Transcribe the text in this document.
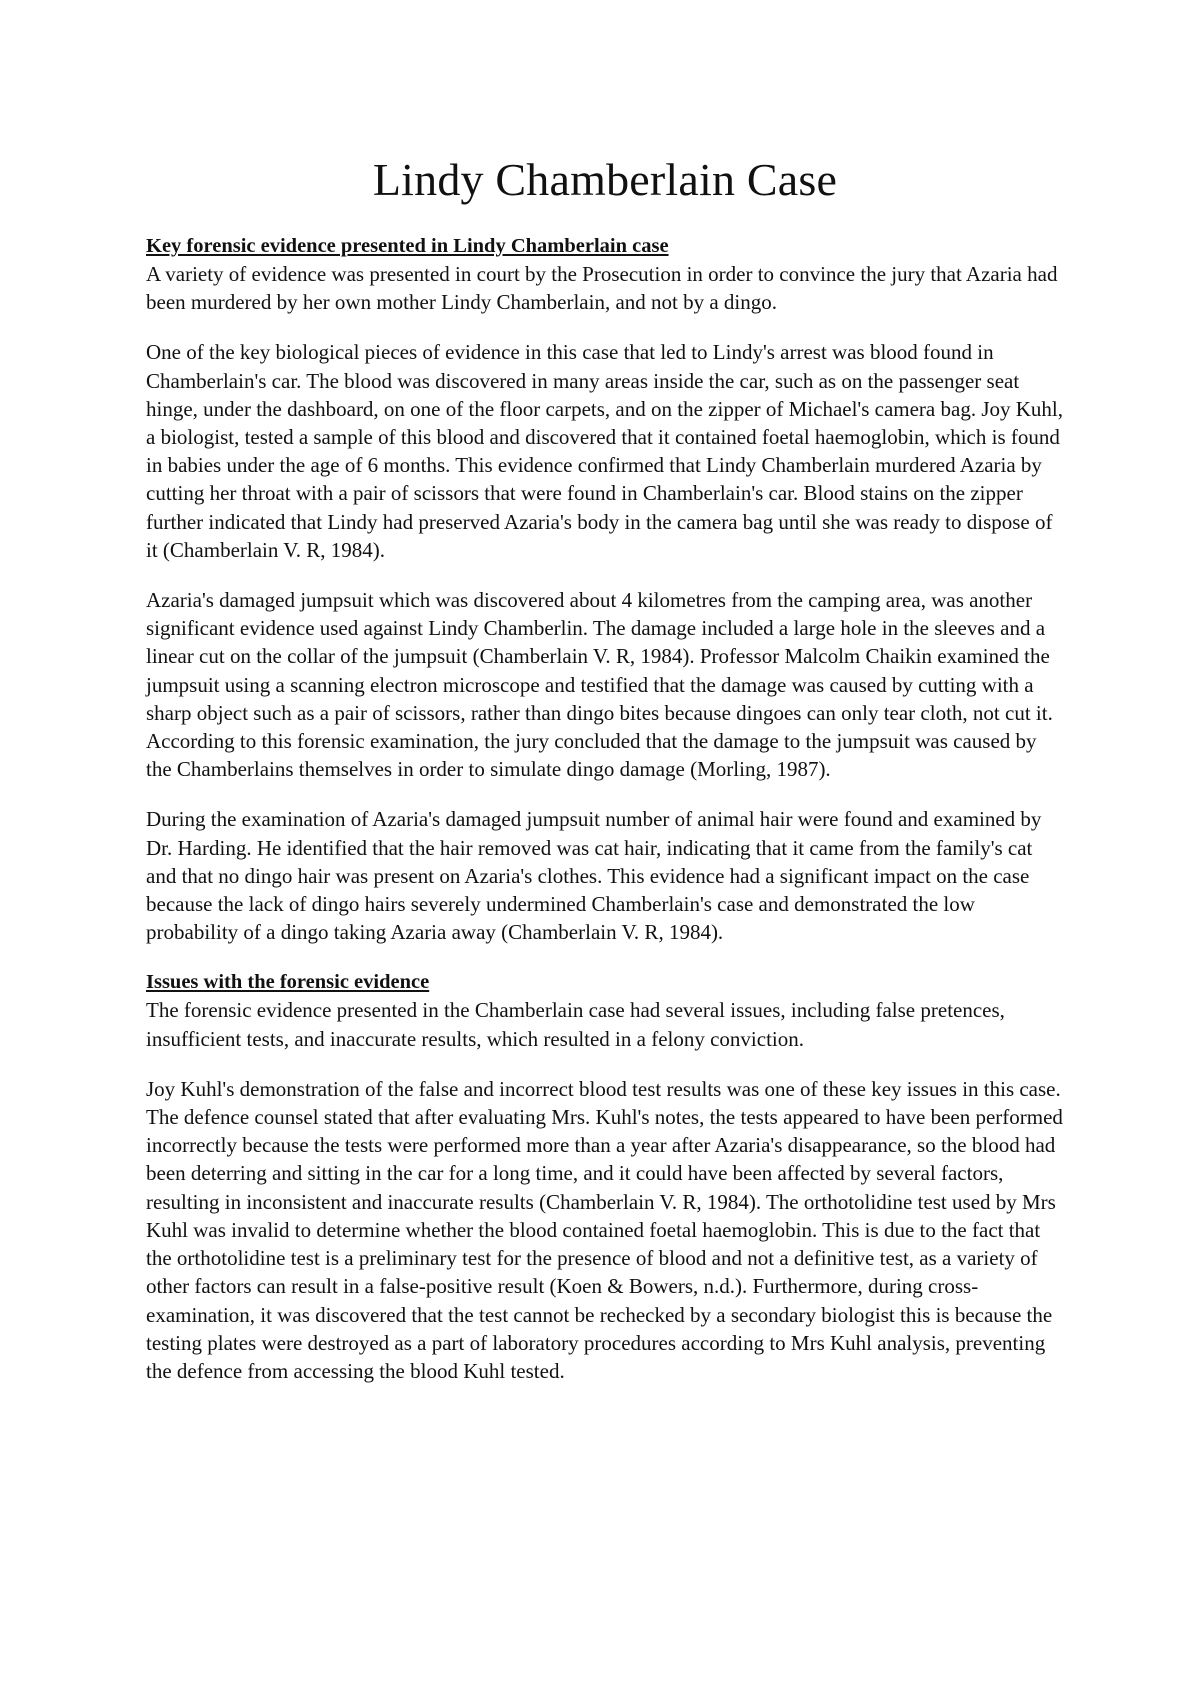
Lindy Chamberlain Case
Key forensic evidence presented in Lindy Chamberlain case

A variety of evidence was presented in court by the Prosecution in order to convince the jury that Azaria had been murdered by her own mother Lindy Chamberlain, and not by a dingo.

One of the key biological pieces of evidence in this case that led to Lindy's arrest was blood found in Chamberlain's car. The blood was discovered in many areas inside the car, such as on the passenger seat hinge, under the dashboard, on one of the floor carpets, and on the zipper of Michael's camera bag. Joy Kuhl, a biologist, tested a sample of this blood and discovered that it contained foetal haemoglobin, which is found in babies under the age of 6 months. This evidence confirmed that Lindy Chamberlain murdered Azaria by cutting her throat with a pair of scissors that were found in Chamberlain's car. Blood stains on the zipper further indicated that Lindy had preserved Azaria's body in the camera bag until she was ready to dispose of it (Chamberlain V. R, 1984).

Azaria's damaged jumpsuit which was discovered about 4 kilometres from the camping area, was another significant evidence used against Lindy Chamberlin. The damage included a large hole in the sleeves and a linear cut on the collar of the jumpsuit (Chamberlain V. R, 1984). Professor Malcolm Chaikin examined the jumpsuit using a scanning electron microscope and testified that the damage was caused by cutting with a sharp object such as a pair of scissors, rather than dingo bites because dingoes can only tear cloth, not cut it. According to this forensic examination, the jury concluded that the damage to the jumpsuit was caused by the Chamberlains themselves in order to simulate dingo damage (Morling, 1987).

During the examination of Azaria's damaged jumpsuit number of animal hair were found and examined by Dr. Harding. He identified that the hair removed was cat hair, indicating that it came from the family's cat and that no dingo hair was present on Azaria's clothes. This evidence had a significant impact on the case because the lack of dingo hairs severely undermined Chamberlain's case and demonstrated the low probability of a dingo taking Azaria away (Chamberlain V. R, 1984).

Issues with the forensic evidence

The forensic evidence presented in the Chamberlain case had several issues, including false pretences, insufficient tests, and inaccurate results, which resulted in a felony conviction.

Joy Kuhl's demonstration of the false and incorrect blood test results was one of these key issues in this case. The defence counsel stated that after evaluating Mrs. Kuhl's notes, the tests appeared to have been performed incorrectly because the tests were performed more than a year after Azaria's disappearance, so the blood had been deterring and sitting in the car for a long time, and it could have been affected by several factors, resulting in inconsistent and inaccurate results (Chamberlain V. R, 1984). The orthotolidine test used by Mrs Kuhl was invalid to determine whether the blood contained foetal haemoglobin. This is due to the fact that the orthotolidine test is a preliminary test for the presence of blood and not a definitive test, as a variety of other factors can result in a false-positive result (Koen & Bowers, n.d.). Furthermore, during cross-examination, it was discovered that the test cannot be rechecked by a secondary biologist this is because the testing plates were destroyed as a part of laboratory procedures according to Mrs Kuhl analysis, preventing the defence from accessing the blood Kuhl tested.
